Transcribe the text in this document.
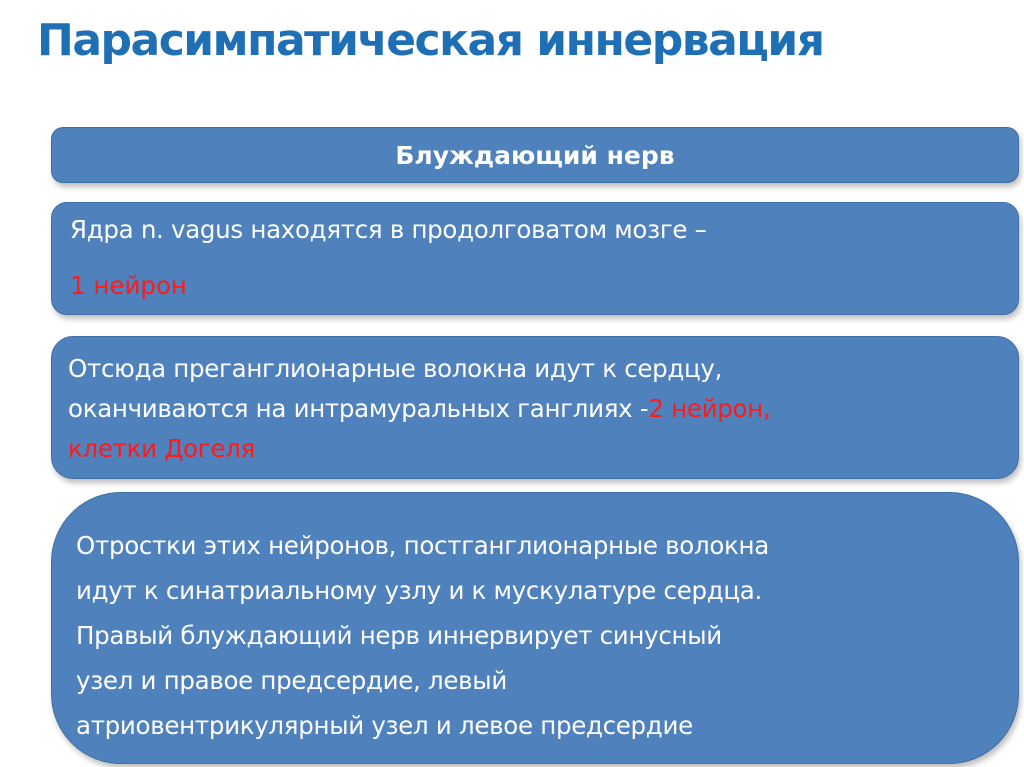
Парасимпатическая иннервация
Блуждающий нерв
Ядра n. vagus находятся в продолговатом мозге –
1 нейрон
Отсюда преганглионарные волокна идут к сердцу,
оканчиваются на интрамуральных ганглиях -2 нейрон,
клетки Догеля

Отростки этих нейронов, постганглионарные волокна

идут к синатриальному узлу и к мускулатуре сердца.

Правый блуждающий нерв иннервирует синусный

узел и правое предсердие, левый

атриовентрикулярный узел и левое предсердие
